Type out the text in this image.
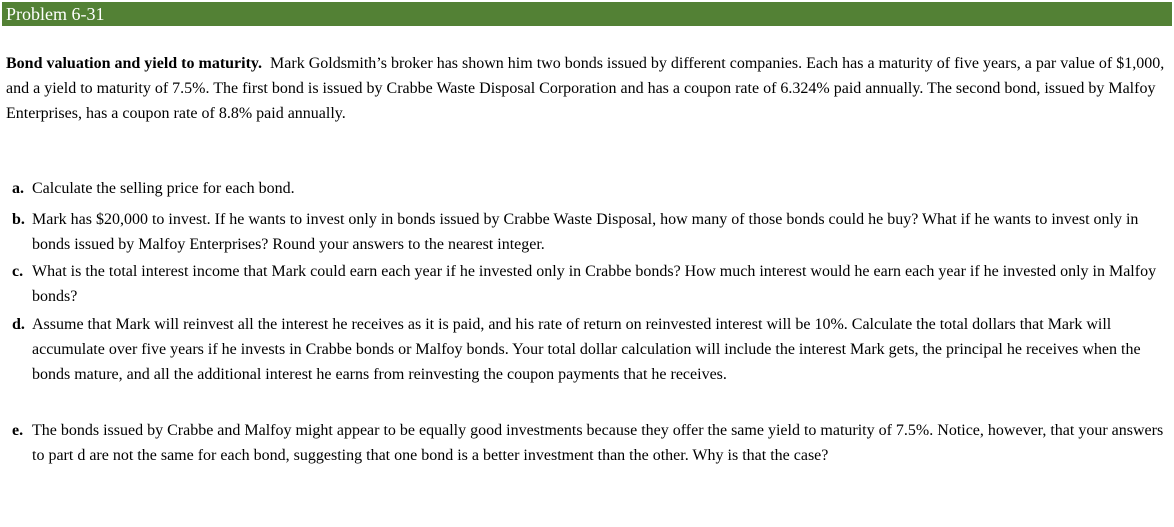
Problem 6-31

Bond valuation and yield to maturity. Mark Goldsmith’s broker has shown him two bonds issued by different companies. Each has a maturity of five years, a par value of $1,000, and a yield to maturity of 7.5%. The first bond is issued by Crabbe Waste Disposal Corporation and has a coupon rate of 6.324% paid annually. The second bond, issued by Malfoy Enterprises, has a coupon rate of 8.8% paid annually.

a. Calculate the selling price for each bond.
b. Mark has $20,000 to invest. If he wants to invest only in bonds issued by Crabbe Waste Disposal, how many of those bonds could he buy? What if he wants to invest only in bonds issued by Malfoy Enterprises? Round your answers to the nearest integer.
c. What is the total interest income that Mark could earn each year if he invested only in Crabbe bonds? How much interest would he earn each year if he invested only in Malfoy bonds?
d. Assume that Mark will reinvest all the interest he receives as it is paid, and his rate of return on reinvested interest will be 10%. Calculate the total dollars that Mark will accumulate over five years if he invests in Crabbe bonds or Malfoy bonds. Your total dollar calculation will include the interest Mark gets, the principal he receives when the bonds mature, and all the additional interest he earns from reinvesting the coupon payments that he receives.
e. The bonds issued by Crabbe and Malfoy might appear to be equally good investments because they offer the same yield to maturity of 7.5%. Notice, however, that your answers to part d are not the same for each bond, suggesting that one bond is a better investment than the other. Why is that the case?
